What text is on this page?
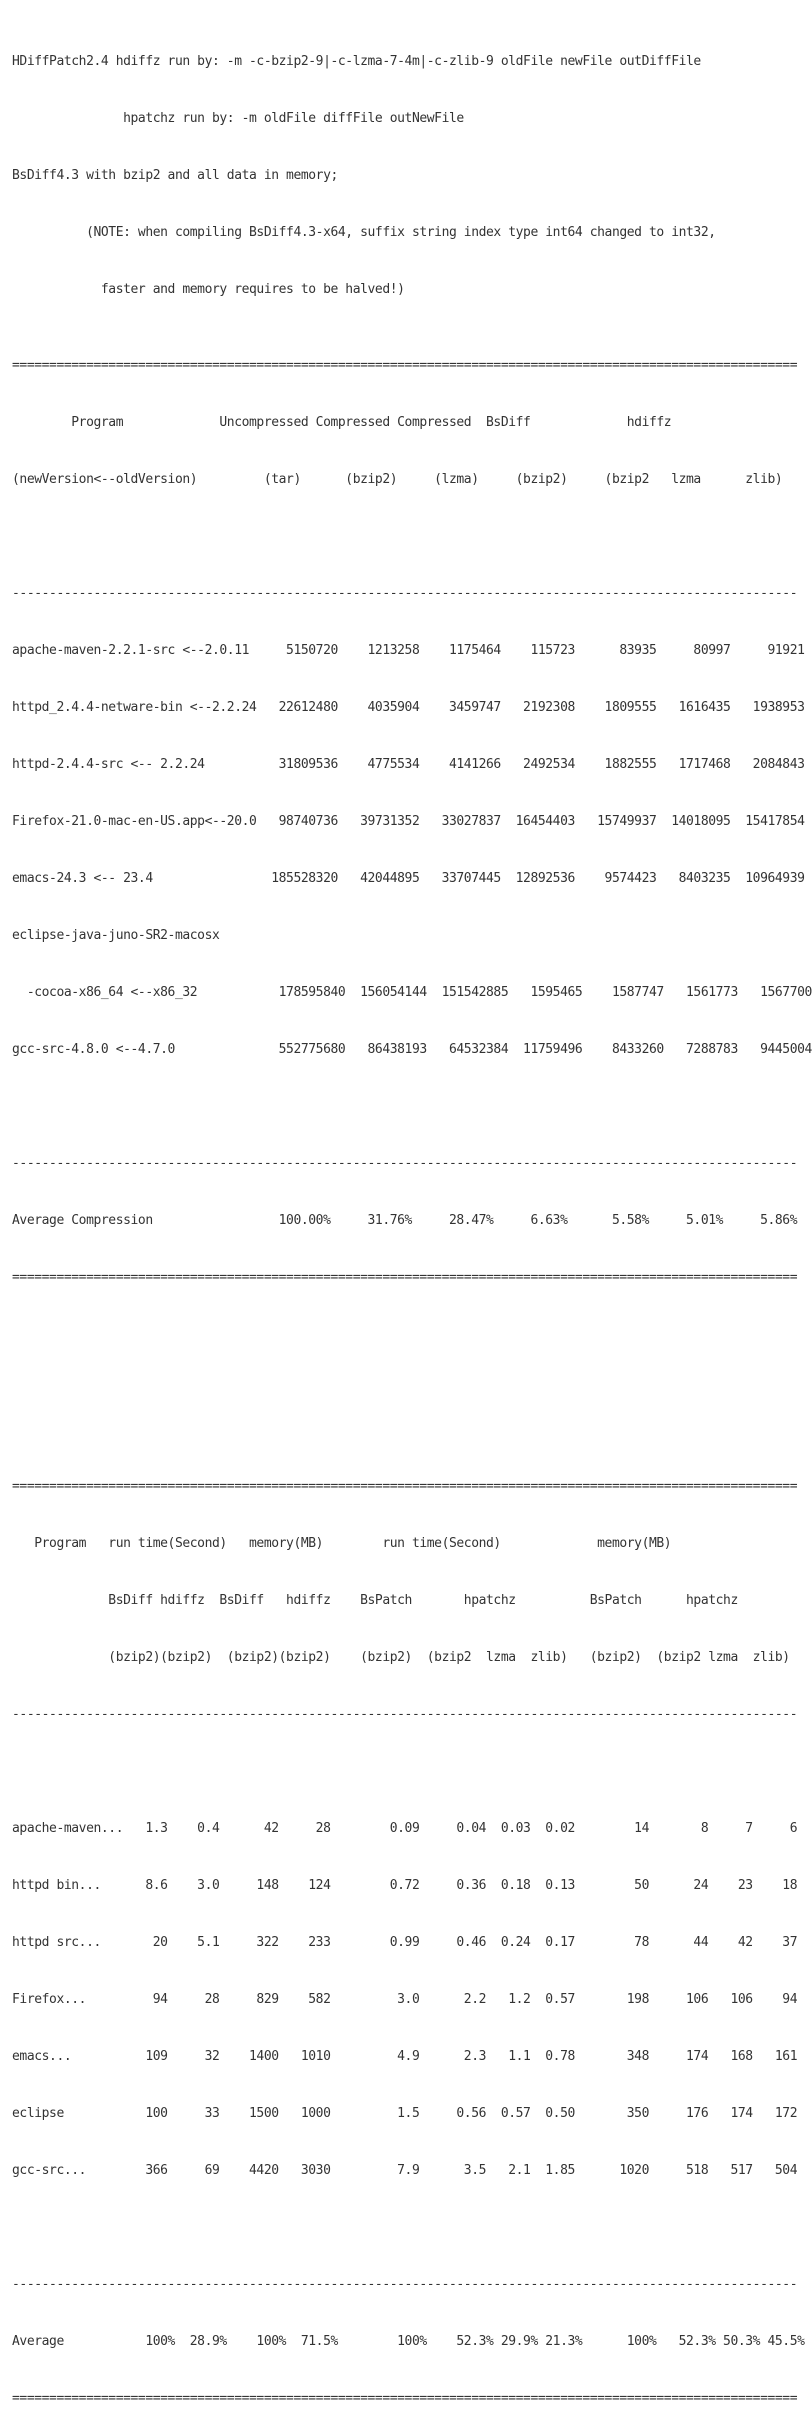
HDiffPatch2.4 hdiffz run by: -m -c-bzip2-9|-c-lzma-7-4m|-c-zlib-9 oldFile newFile outDiffFile

hpatchz run by: -m oldFile diffFile outNewFile

BsDiff4.3 with bzip2 and all data in memory;

(NOTE: when compiling BsDiff4.3-x64, suffix string index type int64 changed to int32,

faster and memory requires to be halved!)

==========================================================================================================

Program             Uncompressed Compressed Compressed  BsDiff             hdiffz

(newVersion<--oldVersion)         (tar)      (bzip2)     (lzma)     (bzip2)     (bzip2   lzma      zlib)

----------------------------------------------------------------------------------------------------------

apache-maven-2.2.1-src <--2.0.11     5150720    1213258    1175464    115723      83935     80997     91921

httpd_2.4.4-netware-bin <--2.2.24   22612480    4035904    3459747   2192308    1809555   1616435   1938953

httpd-2.4.4-src <-- 2.2.24          31809536    4775534    4141266   2492534    1882555   1717468   2084843

Firefox-21.0-mac-en-US.app<--20.0   98740736   39731352   33027837  16454403   15749937  14018095  15417854

emacs-24.3 <-- 23.4                185528320   42044895   33707445  12892536    9574423   8403235  10964939

eclipse-java-juno-SR2-macosx

-cocoa-x86_64 <--x86_32           178595840  156054144  151542885   1595465    1587747   1561773   1567700

gcc-src-4.8.0 <--4.7.0              552775680   86438193   64532384  11759496    8433260   7288783   9445004

----------------------------------------------------------------------------------------------------------

Average Compression                 100.00%     31.76%     28.47%     6.63%      5.58%     5.01%     5.86%

==========================================================================================================

==========================================================================================================

Program   run time(Second)   memory(MB)        run time(Second)             memory(MB)

BsDiff hdiffz  BsDiff   hdiffz    BsPatch       hpatchz          BsPatch      hpatchz

(bzip2)(bzip2)  (bzip2)(bzip2)    (bzip2)  (bzip2  lzma  zlib)   (bzip2)  (bzip2 lzma  zlib)

----------------------------------------------------------------------------------------------------------

apache-maven...   1.3    0.4      42     28        0.09     0.04  0.03  0.02        14       8     7     6

httpd bin...      8.6    3.0     148    124        0.72     0.36  0.18  0.13        50      24    23    18

httpd src...       20    5.1     322    233        0.99     0.46  0.24  0.17        78      44    42    37

Firefox...         94     28     829    582         3.0      2.2   1.2  0.57       198     106   106    94

emacs...          109     32    1400   1010         4.9      2.3   1.1  0.78       348     174   168   161

eclipse           100     33    1500   1000         1.5     0.56  0.57  0.50       350     176   174   172

gcc-src...        366     69    4420   3030         7.9      3.5   2.1  1.85      1020     518   517   504

----------------------------------------------------------------------------------------------------------

Average           100%  28.9%    100%  71.5%        100%    52.3% 29.9% 21.3%      100%   52.3% 50.3% 45.5%

==========================================================================================================
